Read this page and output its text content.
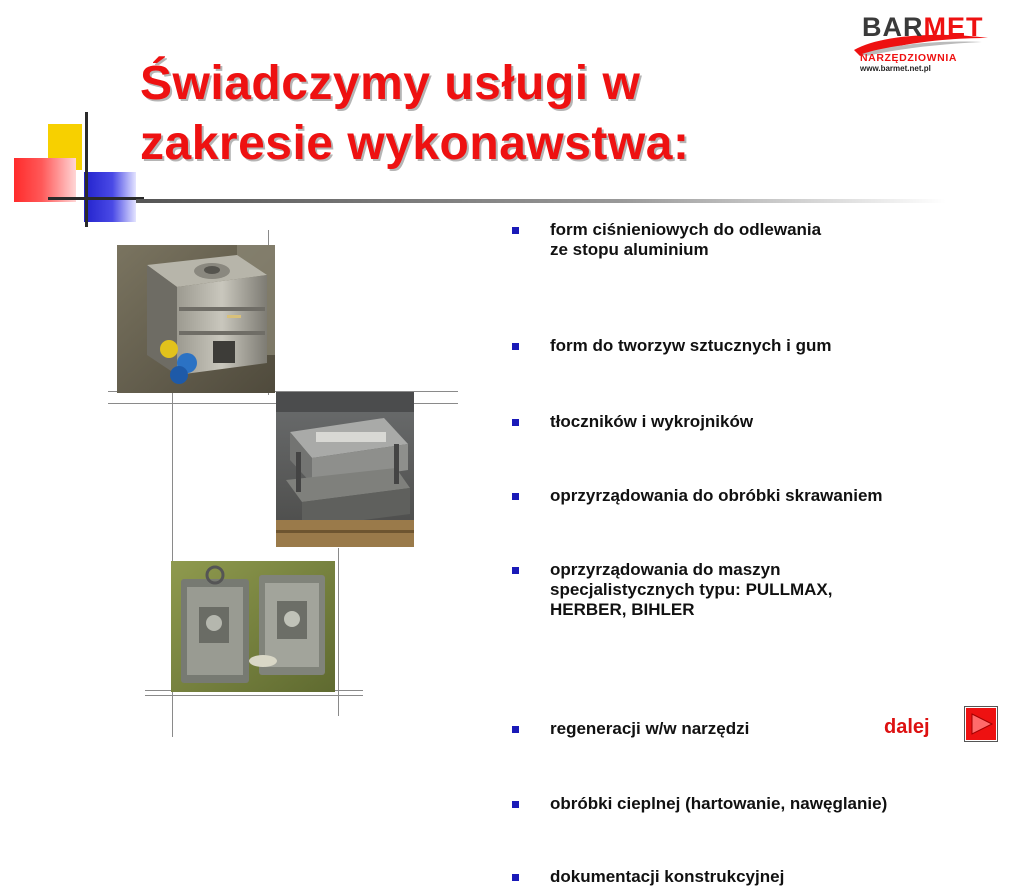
Świadczymy usługi w
zakresie wykonawstwa:
BARMET
NARZĘDZIOWNIA
www.barmet.net.pl
form ciśnieniowych do odlewania
ze stopu aluminium
form do tworzyw sztucznych i gum
tłoczników i wykrojników
oprzyrządowania do obróbki skrawaniem
oprzyrządowania do maszyn
specjalistycznych typu: PULLMAX,
HERBER, BIHLER
regeneracji w/w narzędzi
obróbki cieplnej (hartowanie, nawęglanie)
dokumentacji konstrukcyjnej
dalej
